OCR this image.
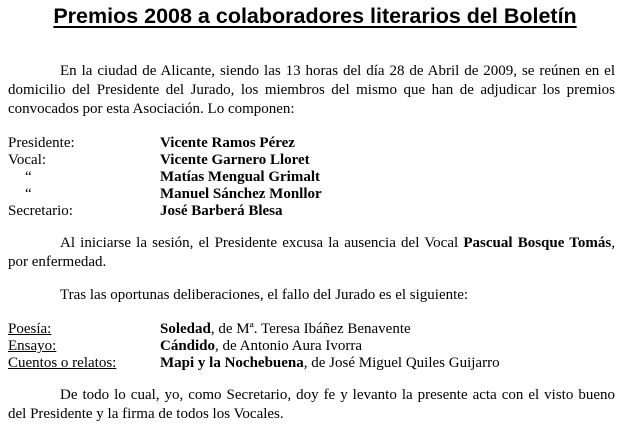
Premios 2008 a colaboradores literarios del Boletín
En la ciudad de Alicante, siendo las 13 horas del día 28 de Abril de 2009, se reúnen en el domicilio del Presidente del Jurado, los miembros del mismo que han de adjudicar los premios convocados por esta Asociación. Lo componen:
Presidente:	Vicente Ramos Pérez
Vocal:	Vicente Garnero Lloret
“	Matías Mengual Grimalt
“	Manuel Sánchez Monllor
Secretario:	José Barberá Blesa
Al iniciarse la sesión, el Presidente excusa la ausencia del Vocal Pascual Bosque Tomás, por enfermedad.
Tras las oportunas deliberaciones, el fallo del Jurado es el siguiente:
Poesía:	Soledad, de Mª. Teresa Ibáñez Benavente
Ensayo:	Cándido, de Antonio Aura Ivorra
Cuentos o relatos:	Mapi y la Nochebuena, de José Miguel Quiles Guijarro
De todo lo cual, yo, como Secretario, doy fe y levanto la presente acta con el visto bueno del Presidente y la firma de todos los Vocales.
